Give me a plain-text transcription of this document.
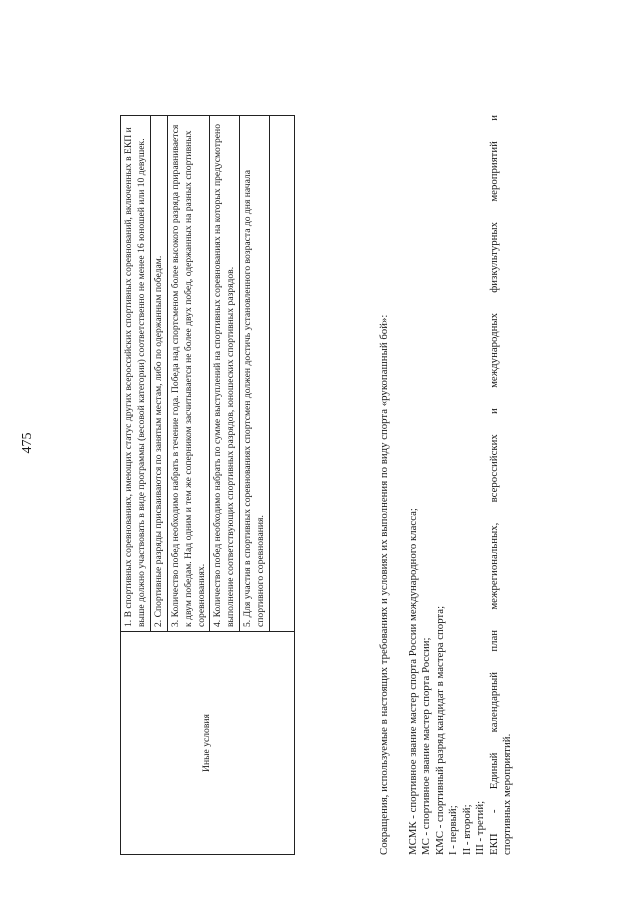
475
Иные условия	1. В спортивных соревнованиях, имеющих статус других всероссийских спортивных соревнований, включенных в ЕКП и выше должно участвовать в виде программы (весовой категории) соответственно не менее 16 юношей или 10 девушек.
2. Спортивные разряды присваиваются по занятым местам, либо по одержанным победам.
3. Количество побед необходимо набрать в течение года. Победа над спортсменом более высокого разряда приравнивается к двум победам. Над одним и тем же соперником засчитывается не более двух побед, одержанных на разных спортивных соревнованиях.
4. Количество побед необходимо набрать по сумме выступлений на спортивных соревнованиях на которых предусмотрено выполнение соответствующих спортивных разрядов, юношеских спортивных разрядов.
5. Для участия в спортивных соревнованиях спортсмен должен достичь установленного возраста до дня начала спортивного соревнования.	Сокращения, используемые в настоящих требованиях и условиях их выполнения по виду спорта «рукопашный бой»: МСМК - спортивное звание мастер спорта России международного класса; МС - спортивное звание мастер спорта России; КМС - спортивный разряд кандидат в мастера спорта; I - первый; II - второй; III - третий; ЕКП - Единый календарный план межрегиональных, всероссийских и международных физкультурных мероприятий и спортивных мероприятий.
